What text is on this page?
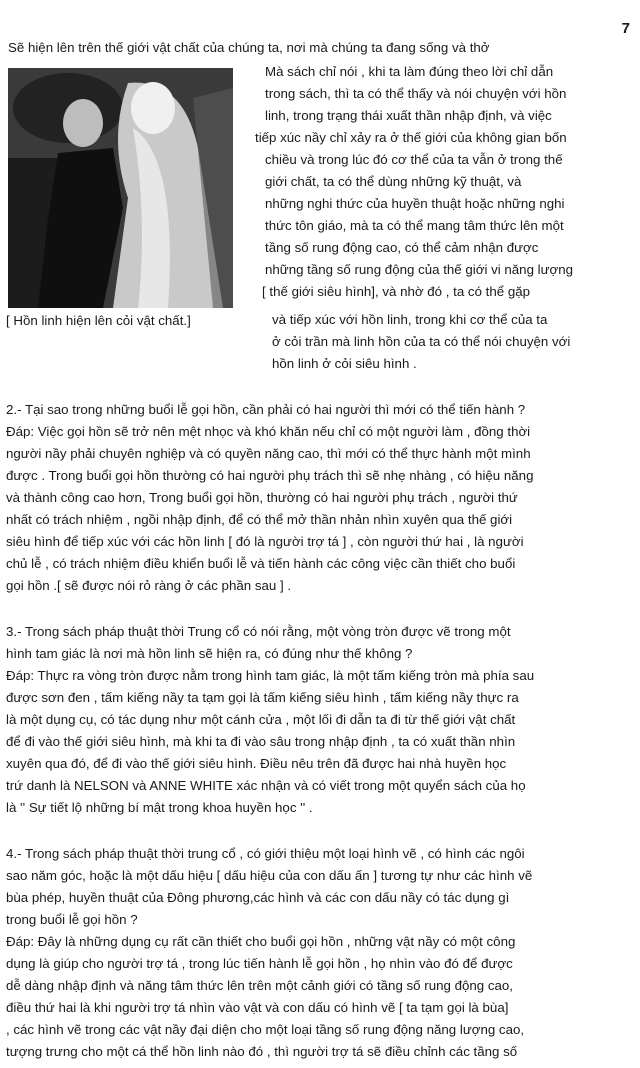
7
[ Hồn linh hiện lên cỏi vật chất.]
Sẽ hiện lên trên thế giới vật chất của chúng ta, nơi mà chúng ta đang sống và thở
Mà sách chỉ nói , khi ta làm đúng theo lời chỉ dẫn
trong sách, thì ta có thể thấy và nói chuyện với hồn
linh, trong trạng thái xuất thần nhập định, và việc
tiếp xúc nầy chỉ xảy ra ở thế giới của không gian bốn
chiều và trong lúc đó cơ thể của ta vẫn ở trong thế
giới chất, ta có thể dùng những kỹ thuật, và
những nghi thức của huyền thuật hoặc những nghi
thức tôn giáo, mà ta có thể mang tâm thức lên một
tầng số rung động cao, có thể cảm nhận được
những tầng số rung động của thế giới vi năng lượng
[ thế giới siêu hình], và nhờ đó , ta có thể gặp
và tiếp xúc với hồn linh, trong khi cơ thể của ta
ở cỏi trần mà linh hồn của ta có thể nói chuyện với
hồn linh ở cỏi siêu hình .
2.- Tại sao trong những buổi lễ gọi hồn, cần phải có hai người thì mới có thể tiến hành ?
Đáp: Việc gọi hồn sẽ trở nên mệt nhọc và khó khăn nếu chỉ có một người làm , đồng thời
người nầy phải chuyên nghiệp và có quyền năng cao, thì mới có thể thực hành một mình
được . Trong buổi gọi hồn thường có hai người phụ trách thì sẽ nhẹ nhàng , có hiệu năng
và thành công cao hơn, Trong buổi gọi hồn, thường có hai người phụ trách , người thứ
nhất có trách nhiệm , ngồi nhập định, để có thể mở thần nhản nhìn xuyên qua thế giới
siêu hình để tiếp xúc với các hồn linh [ đó là người trợ tá ] , còn người thứ hai , là người
chủ lễ , có trách nhiệm điều khiển buổi lễ và tiến hành các công việc cần thiết cho buổi
gọi hồn .[ sẽ được nói rỏ ràng ở các phần sau ] .
3.- Trong sách pháp thuật thời Trung cổ có nói rằng, một vòng tròn được vẽ trong một
hình tam giác là nơi mà hồn linh sẽ hiện ra, có đúng như thế không ?
Đáp: Thực ra vòng tròn được nằm trong hình tam giác, là một tấm kiếng tròn mà phía sau
được sơn đen , tấm kiếng nầy ta tạm gọi là tấm kiếng siêu hình , tấm kiếng nầy thực ra
là một dụng cụ, có tác dụng như một cánh cửa , một lối đi dẫn ta đi từ thế giới vật chất
để đi vào thế giới siêu hình, mà khi ta đi vào sâu trong nhập định , ta có xuất thần nhìn
xuyên qua đó, để đi vào thế giới siêu hình. Điều nêu trên đã được hai nhà huyền học
trứ danh là NELSON và ANNE WHITE xác nhận và có viết trong một quyển sách của họ
là '' Sự tiết lộ những bí mật trong khoa huyền học '' .
4.- Trong sách pháp thuật thời trung cổ , có giới thiệu một loại hình vẽ , có hình các ngôi
sao năm góc, hoặc là một dấu hiệu [ dấu hiệu của con dấu ấn ] tương tự như các hình vẽ
bùa phép, huyền thuật của Đông phương,các hình và các con dấu nầy có tác dụng gì
trong buổi lễ gọi hồn ?
Đáp: Đây là những dụng cụ rất cần thiết cho buổi gọi hồn , những vật nầy có một công
dụng là giúp cho người trợ tá , trong lúc tiến hành lễ gọi hồn , họ nhìn vào đó để được
dễ dàng nhập định và năng tâm thức lên trên một cảnh giới có tầng số rung động cao,
điều thứ hai là khi người trợ tá nhìn vào vật và con dấu có hình vẽ [ ta tạm gọi là bùa]
, các hình vẽ trong các vật nầy đại diện cho một loại tầng số rung động năng lượng cao,
tượng trưng cho một cá thể hồn linh nào đó , thì người trợ tá sẽ điều chỉnh các tầng số
